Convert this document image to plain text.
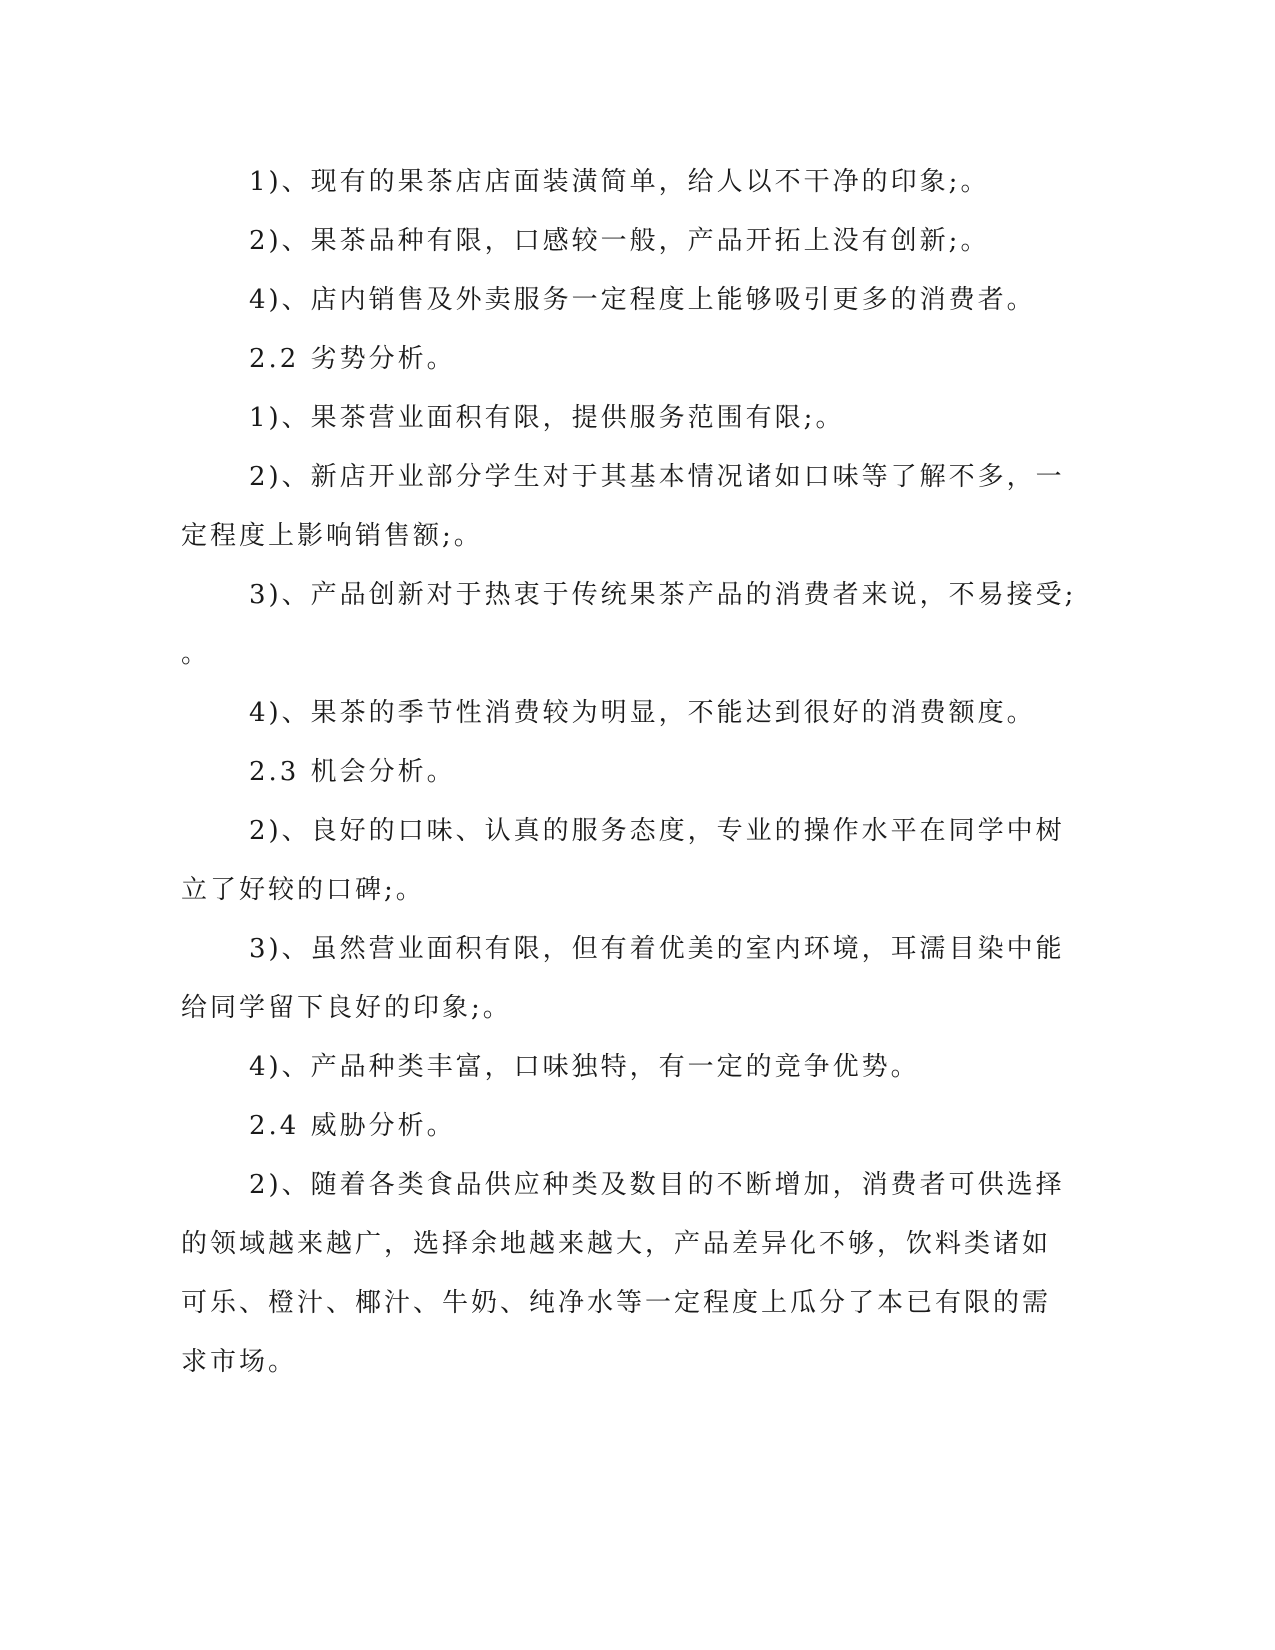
1)、现有的果茶店店面装潢简单，给人以不干净的印象;。
2)、果茶品种有限，口感较一般，产品开拓上没有创新;。
4)、店内销售及外卖服务一定程度上能够吸引更多的消费者。
2.2 劣势分析。
1)、果茶营业面积有限，提供服务范围有限;。
2)、新店开业部分学生对于其基本情况诸如口味等了解不多，一
定程度上影响销售额;。
3)、产品创新对于热衷于传统果茶产品的消费者来说，不易接受;
。
4)、果茶的季节性消费较为明显，不能达到很好的消费额度。
2.3 机会分析。
2)、良好的口味、认真的服务态度，专业的操作水平在同学中树
立了好较的口碑;。
3)、虽然营业面积有限，但有着优美的室内环境，耳濡目染中能
给同学留下良好的印象;。
4)、产品种类丰富，口味独特，有一定的竞争优势。
2.4 威胁分析。
2)、随着各类食品供应种类及数目的不断增加，消费者可供选择
的领域越来越广，选择余地越来越大，产品差异化不够，饮料类诸如
可乐、橙汁、椰汁、牛奶、纯净水等一定程度上瓜分了本已有限的需
求市场。
